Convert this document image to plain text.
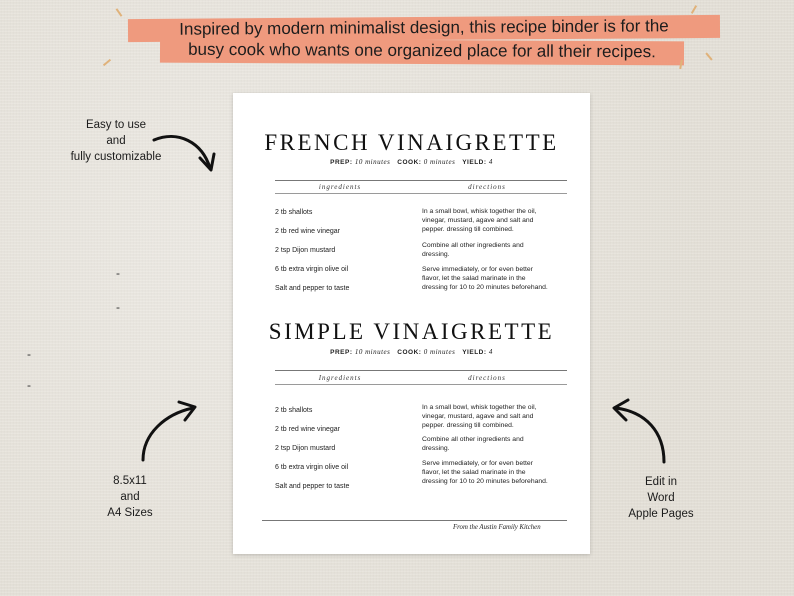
Inspired by modern minimalist design, this recipe binder is for the
busy cook who wants one organized place for all their recipes.
Easy to use
and
fully customizable
-
-
-
-
8.5x11
and
A4 Sizes
Edit in
Word
Apple Pages
FRENCH VINAIGRETTE
PREP: 10 minutes COOK: 0 minutes YIELD: 4
ingredients	directions
2 tb shallots
2 tb red wine vinegar
2 tsp Dijon mustard
6 tb extra virgin olive oil
Salt and pepper to taste
In a small bowl, whisk together the oil, vinegar, mustard, agave and salt and pepper. dressing till combined.
Combine all other ingredients and dressing.
Serve immediately, or for even better flavor, let the salad marinate in the dressing for 10 to 20 minutes beforehand.
SIMPLE VINAIGRETTE
PREP: 10 minutes COOK: 0 minutes YIELD: 4
Ingredients	directions
2 tb shallots
2 tb red wine vinegar
2 tsp Dijon mustard
6 tb extra virgin olive oil
Salt and pepper to taste
In a small bowl, whisk together the oil, vinegar, mustard, agave and salt and pepper. dressing till combined.
Combine all other ingredients and dressing.
Serve immediately, or for even better flavor, let the salad marinate in the dressing for 10 to 20 minutes beforehand.
From the Austin Family Kitchen
